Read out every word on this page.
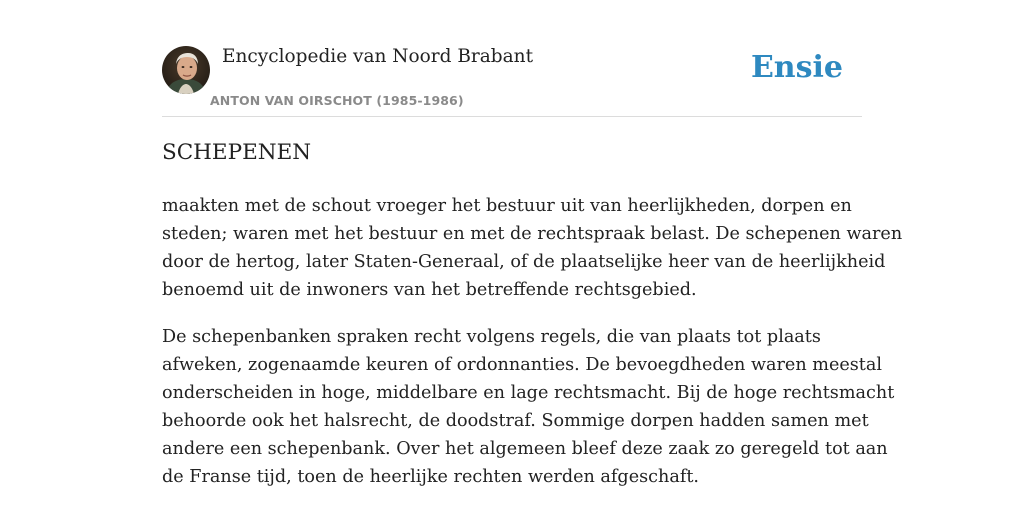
Encyclopedie van Noord Brabant
ANTON VAN OIRSCHOT (1985-1986)
Ensie
SCHEPENEN

maakten met de schout vroeger het bestuur uit van heerlijkheden, dorpen en
steden; waren met het bestuur en met de rechtspraak belast. De schepenen waren
door de hertog, later Staten-Generaal, of de plaatselijke heer van de heerlijkheid
benoemd uit de inwoners van het betreffende rechtsgebied.

De schepenbanken spraken recht volgens regels, die van plaats tot plaats
afweken, zogenaamde keuren of ordonnanties. De bevoegdheden waren meestal
onderscheiden in hoge, middelbare en lage rechtsmacht. Bij de hoge rechtsmacht
behoorde ook het halsrecht, de doodstraf. Sommige dorpen hadden samen met
andere een schepenbank. Over het algemeen bleef deze zaak zo geregeld tot aan
de Franse tijd, toen de heerlijke rechten werden afgeschaft.
